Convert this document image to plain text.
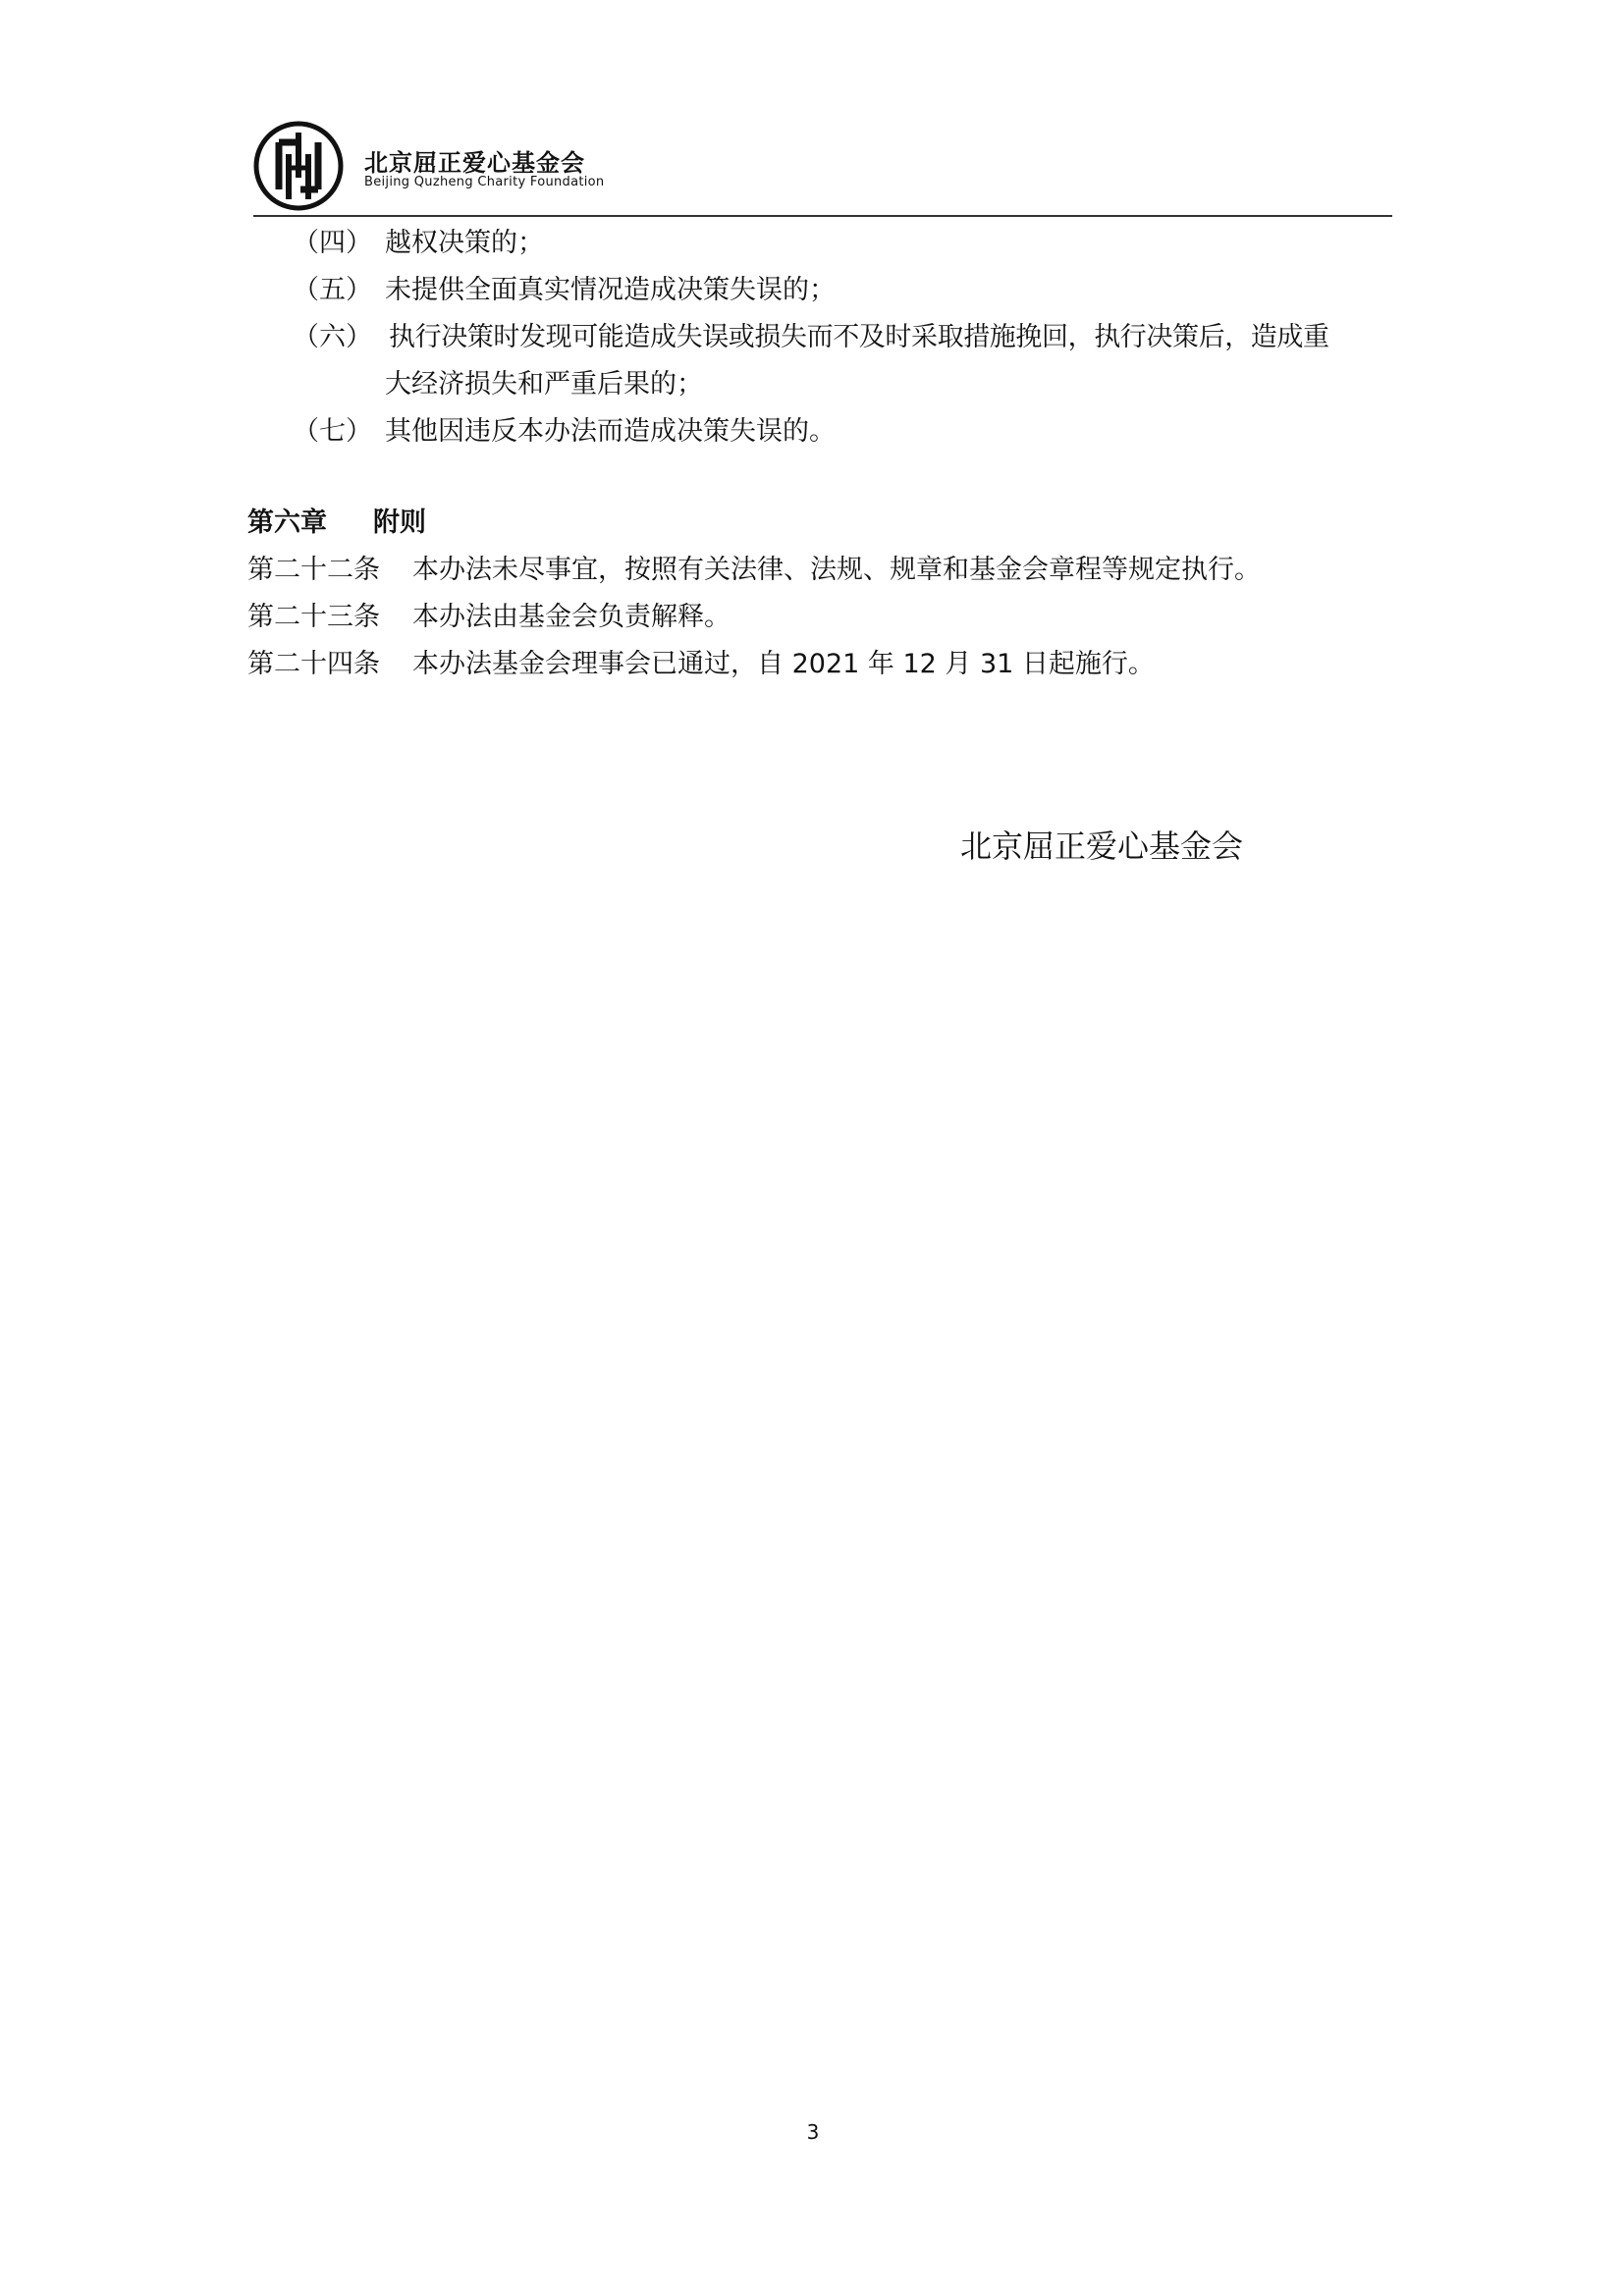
北京屈正爱心基金会
Beijing Quzheng Charity Foundation
（四） 越权决策的；
（五） 未提供全面真实情况造成决策失误的；
（六） 执行决策时发现可能造成失误或损失而不及时采取措施挽回，执行决策后，造成重
大经济损失和严重后果的；
（七） 其他因违反本办法而造成决策失误的。
第六章 附则
第二十二条 本办法未尽事宜，按照有关法律、法规、规章和基金会章程等规定执行。
第二十三条 本办法由基金会负责解释。
第二十四条 本办法基金会理事会已通过，自 2021 年 12 月 31 日起施行。
北京屈正爱心基金会
3
